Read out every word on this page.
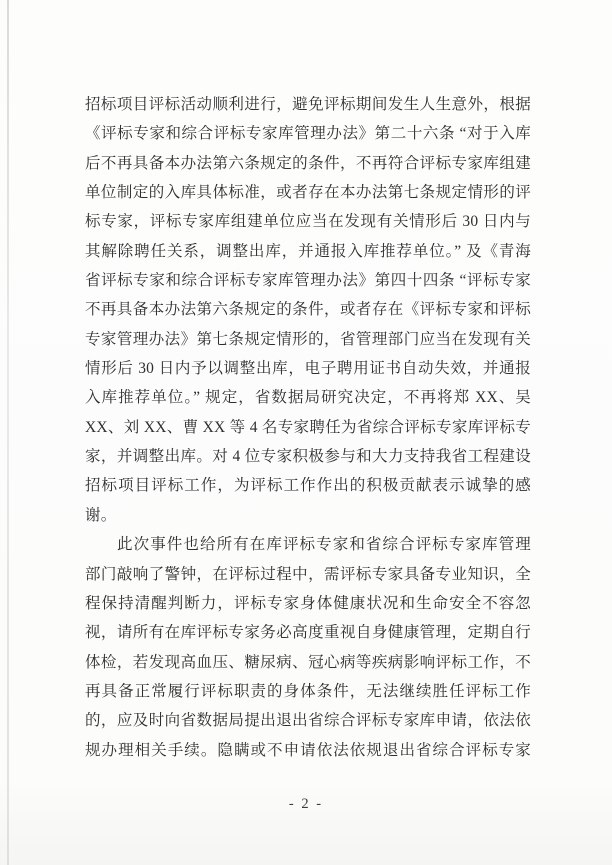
招标项目评标活动顺利进行，避免评标期间发生人生意外，根据
《评标专家和综合评标专家库管理办法》第二十六条 “对于入库
后不再具备本办法第六条规定的条件，不再符合评标专家库组建
单位制定的入库具体标准，或者存在本办法第七条规定情形的评
标专家，评标专家库组建单位应当在发现有关情形后 30 日内与
其解除聘任关系，调整出库，并通报入库推荐单位。” 及《青海
省评标专家和综合评标专家库管理办法》第四十四条 “评标专家
不再具备本办法第六条规定的条件，或者存在《评标专家和评标
专家管理办法》第七条规定情形的，省管理部门应当在发现有关
情形后 30 日内予以调整出库，电子聘用证书自动失效，并通报
入库推荐单位。” 规定，省数据局研究决定，不再将郑 XX、吴
XX、刘 XX、曹 XX 等 4 名专家聘任为省综合评标专家库评标专
家，并调整出库。对 4 位专家积极参与和大力支持我省工程建设
招标项目评标工作，为评标工作作出的积极贡献表示诚挚的感
谢。
此次事件也给所有在库评标专家和省综合评标专家库管理
部门敲响了警钟，在评标过程中，需评标专家具备专业知识，全
程保持清醒判断力，评标专家身体健康状况和生命安全不容忽
视，请所有在库评标专家务必高度重视自身健康管理，定期自行
体检，若发现高血压、糖尿病、冠心病等疾病影响评标工作，不
再具备正常履行评标职责的身体条件，无法继续胜任评标工作
的，应及时向省数据局提出退出省综合评标专家库申请，依法依
规办理相关手续。隐瞒或不申请依法依规退出省综合评标专家
- 2 -
